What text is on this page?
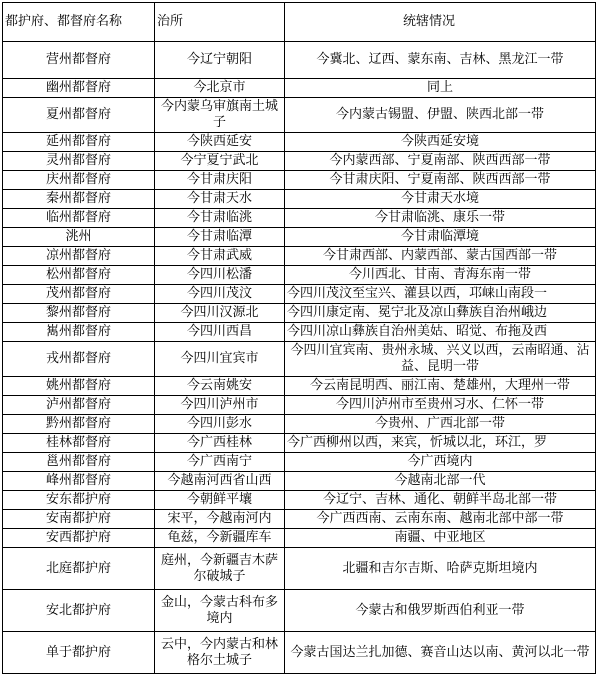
都护府、都督府名称	治所	统辖情况
营州都督府	今辽宁朝阳	今冀北、辽西、蒙东南、吉林、黑龙江一带
幽州都督府	今北京市	同上
夏州都督府	今内蒙乌审旗南土城子	今内蒙古锡盟、伊盟、陕西北部一带
延州都督府	今陕西延安	今陕西延安境
灵州都督府	今宁夏宁武北	今内蒙西部、宁夏南部、陕西西部一带
庆州都督府	今甘肃庆阳	今甘肃庆阳、宁夏南部、陕西西部一带
秦州都督府	今甘肃天水	今甘肃天水境
临州都督府	今甘肃临洮	今甘肃临洮、康乐一带
洮州	今甘肃临潭	今甘肃临潭境
凉州都督府	今甘肃武威	今甘肃西部、内蒙西部、蒙古国西部一带
松州都督府	今四川松潘	今川西北、甘南、青海东南一带
茂州都督府	今四川茂汶	今四川茂汶至宝兴、灌县以西，邛崃山南段一
黎州都督府	今四川汉源北	今四川康定南、冕宁北及凉山彝族自治州峨边
嶲州都督府	今四川西昌	今四川凉山彝族自治州美姑、昭觉、布拖及西
戎州都督府	今四川宜宾市	今四川宜宾南、贵州永城、兴义以西，云南昭通、沾益、昆明一带
姚州都督府	今云南姚安	今云南昆明西、丽江南、楚雄州，大理州一带
泸州都督府	今四川泸州市	今四川泸州市至贵州习水、仁怀一带
黔州都督府	今四川彭水	今贵州、广西北部一带
桂林都督府	今广西桂林	今广西柳州以西，来宾，忻城以北，环江，罗
邕州都督府	今广西南宁	今广西境内
峰州都督府	今越南河西省山西	今越南北部一代
安东都护府	今朝鲜平壤	今辽宁、吉林、通化、朝鲜半岛北部一带
安南都护府	宋平，今越南河内	今广西西南、云南东南、越南北部中部一带
安西都护府	龟兹，今新疆库车	南疆、中亚地区
北庭都护府	庭州，今新疆吉木萨尔破城子	北疆和吉尔吉斯、哈萨克斯坦境内
安北都护府	金山，今蒙古科布多境内	今蒙古和俄罗斯西伯利亚一带
单于都护府	云中，今内蒙古和林格尔土城子	今蒙古国达兰扎加德、赛音山达以南、黄河以北一带
